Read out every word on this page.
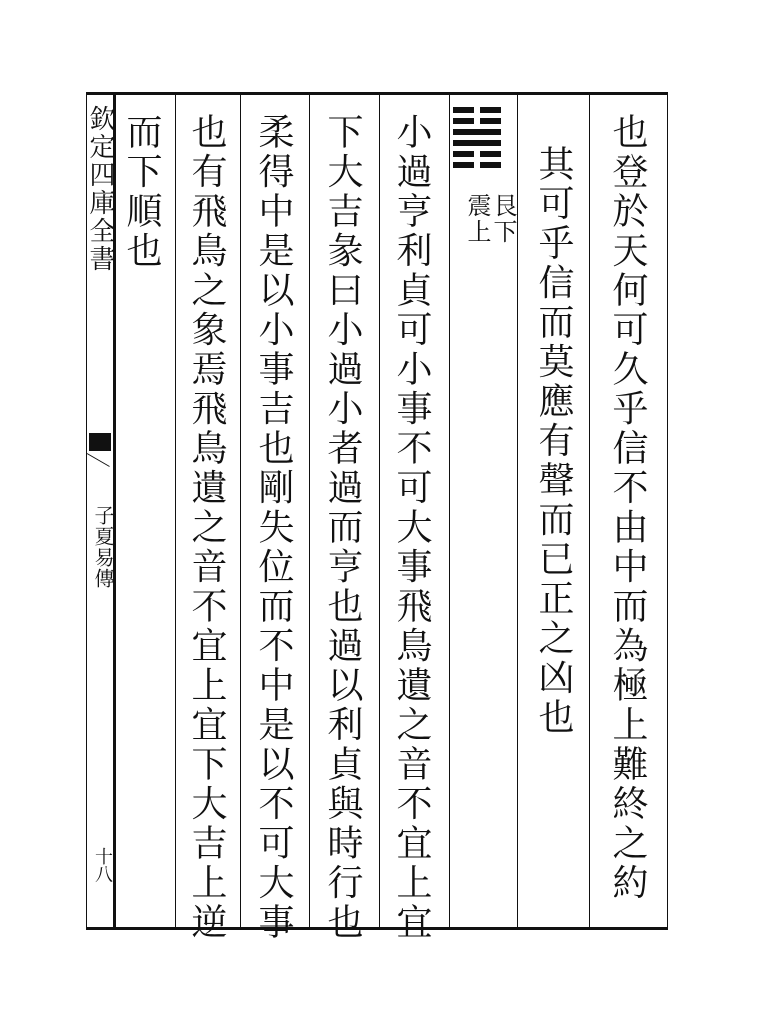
欽定四庫全書
子夏易傳
十八	也登於天何可久乎信不由中而為極上難終之約
其可乎信而莫應有聲而已正之凶也
艮下
震上
小過亨利貞可小事不可大事飛鳥遺之音不宜上宜
下大吉彖曰小過小者過而亨也過以利貞與時行也
柔得中是以小事吉也剛失位而不中是以不可大事
也有飛鳥之象焉飛鳥遺之音不宜上宜下大吉上逆
而下順也
